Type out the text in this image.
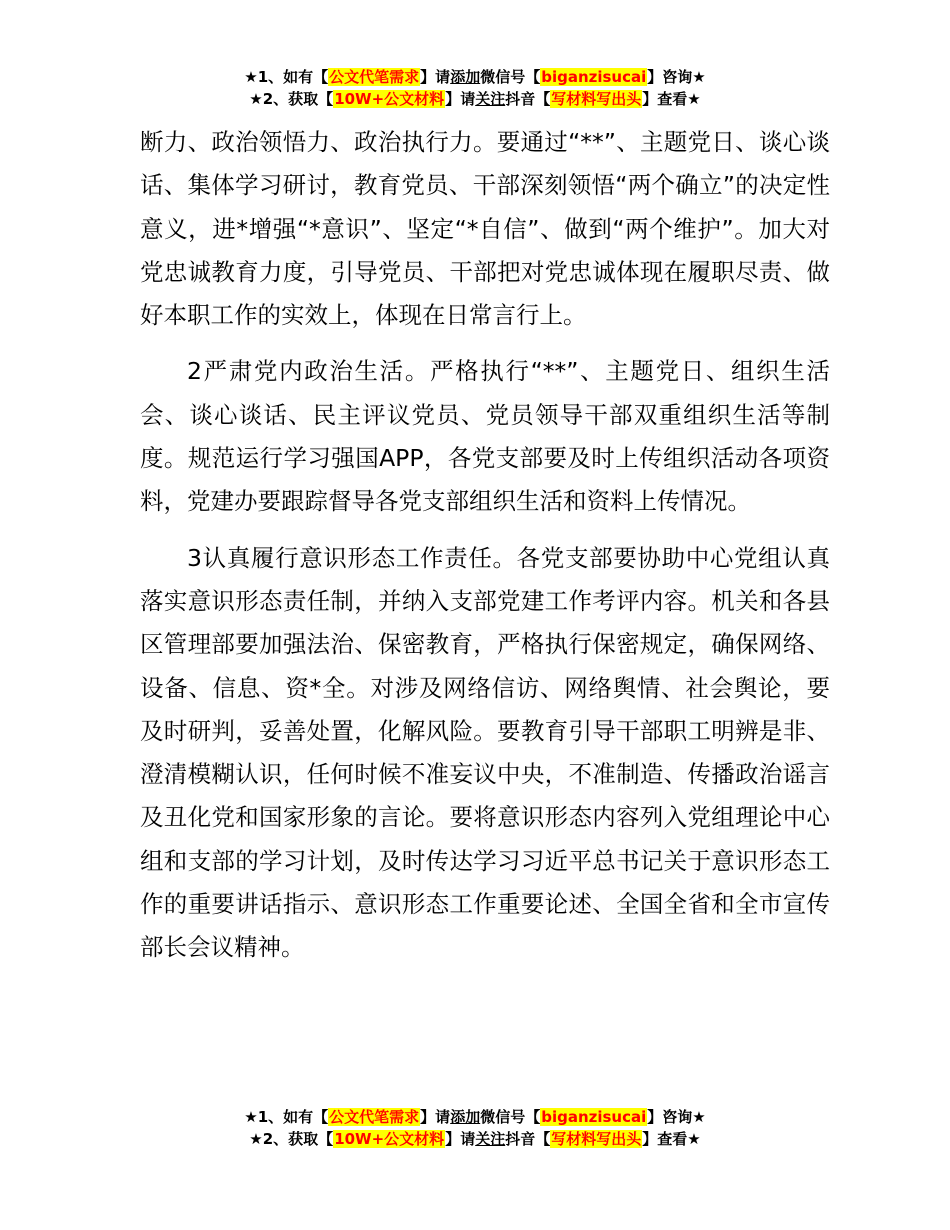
★1、如有【公文代笔需求】请添加微信号【biganzisucai】咨询★
★2、获取【10W+公文材料】请关注抖音【写材料写出头】查看★

断力、政治领悟力、政治执行力。要通过“**”、主题党日、谈心谈话、集体学习研讨，教育党员、干部深刻领悟“两个确立”的决定性意义，进*增强“*意识”、坚定“*自信”、做到“两个维护”。加大对党忠诚教育力度，引导党员、干部把对党忠诚体现在履职尽责、做好本职工作的实效上，体现在日常言行上。

2严肃党内政治生活。严格执行“**”、主题党日、组织生活会、谈心谈话、民主评议党员、党员领导干部双重组织生活等制度。规范运行学习强国APP，各党支部要及时上传组织活动各项资料，党建办要跟踪督导各党支部组织生活和资料上传情况。

3认真履行意识形态工作责任。各党支部要协助中心党组认真落实意识形态责任制，并纳入支部党建工作考评内容。机关和各县区管理部要加强法治、保密教育，严格执行保密规定，确保网络、设备、信息、资*全。对涉及网络信访、网络舆情、社会舆论，要及时研判，妥善处置，化解风险。要教育引导干部职工明辨是非、澄清模糊认识，任何时候不准妄议中央，不准制造、传播政治谣言及丑化党和国家形象的言论。要将意识形态内容列入党组理论中心组和支部的学习计划，及时传达学习习近平总书记关于意识形态工作的重要讲话指示、意识形态工作重要论述、全国全省和全市宣传部长会议精神。

★1、如有【公文代笔需求】请添加微信号【biganzisucai】咨询★
★2、获取【10W+公文材料】请关注抖音【写材料写出头】查看★
